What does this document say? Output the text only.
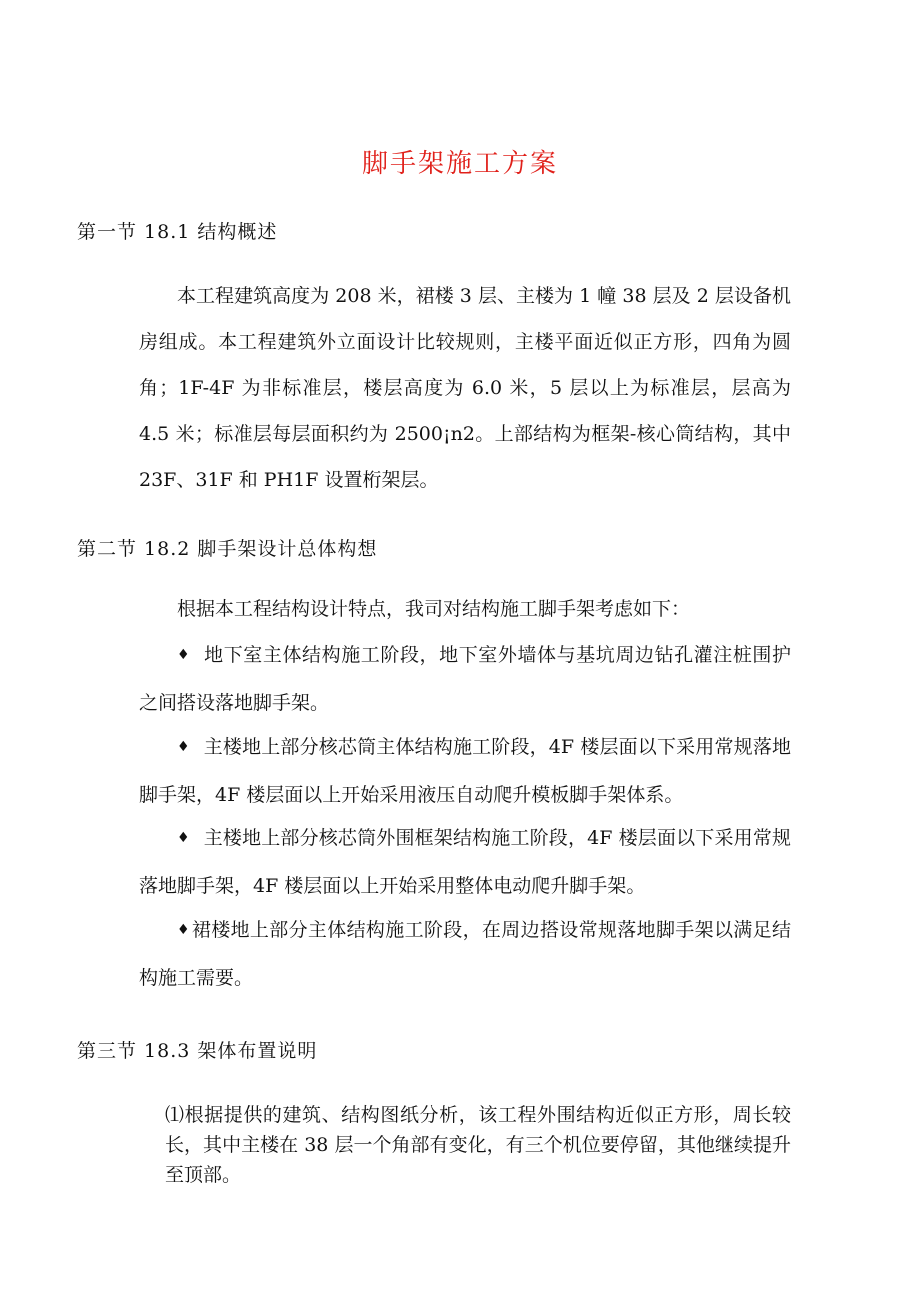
脚手架施工方案
第一节 18.1 结构概述

本工程建筑高度为 208 米，裙楼 3 层、主楼为 1 幢 38 层及 2 层设备机房组成。本工程建筑外立面设计比较规则，主楼平面近似正方形，四角为圆角；1F-4F 为非标准层，楼层高度为 6.0 米，5 层以上为标准层，层高为 4.5 米；标准层每层面积约为 2500¡n2。上部结构为框架-核心筒结构，其中 23F、31F 和 PH1F 设置桁架层。

第二节 18.2 脚手架设计总体构想

根据本工程结构设计特点，我司对结构施工脚手架考虑如下：

♦ 地下室主体结构施工阶段，地下室外墙体与基坑周边钻孔灌注桩围护之间搭设落地脚手架。

♦ 主楼地上部分核芯筒主体结构施工阶段，4F 楼层面以下采用常规落地脚手架，4F 楼层面以上开始采用液压自动爬升模板脚手架体系。

♦ 主楼地上部分核芯筒外围框架结构施工阶段，4F 楼层面以下采用常规落地脚手架，4F 楼层面以上开始采用整体电动爬升脚手架。

♦ 裙楼地上部分主体结构施工阶段，在周边搭设常规落地脚手架以满足结构施工需要。

第三节 18.3 架体布置说明

⑴根据提供的建筑、结构图纸分析，该工程外围结构近似正方形，周长较长，其中主楼在 38 层一个角部有变化，有三个机位要停留，其他继续提升至顶部。
